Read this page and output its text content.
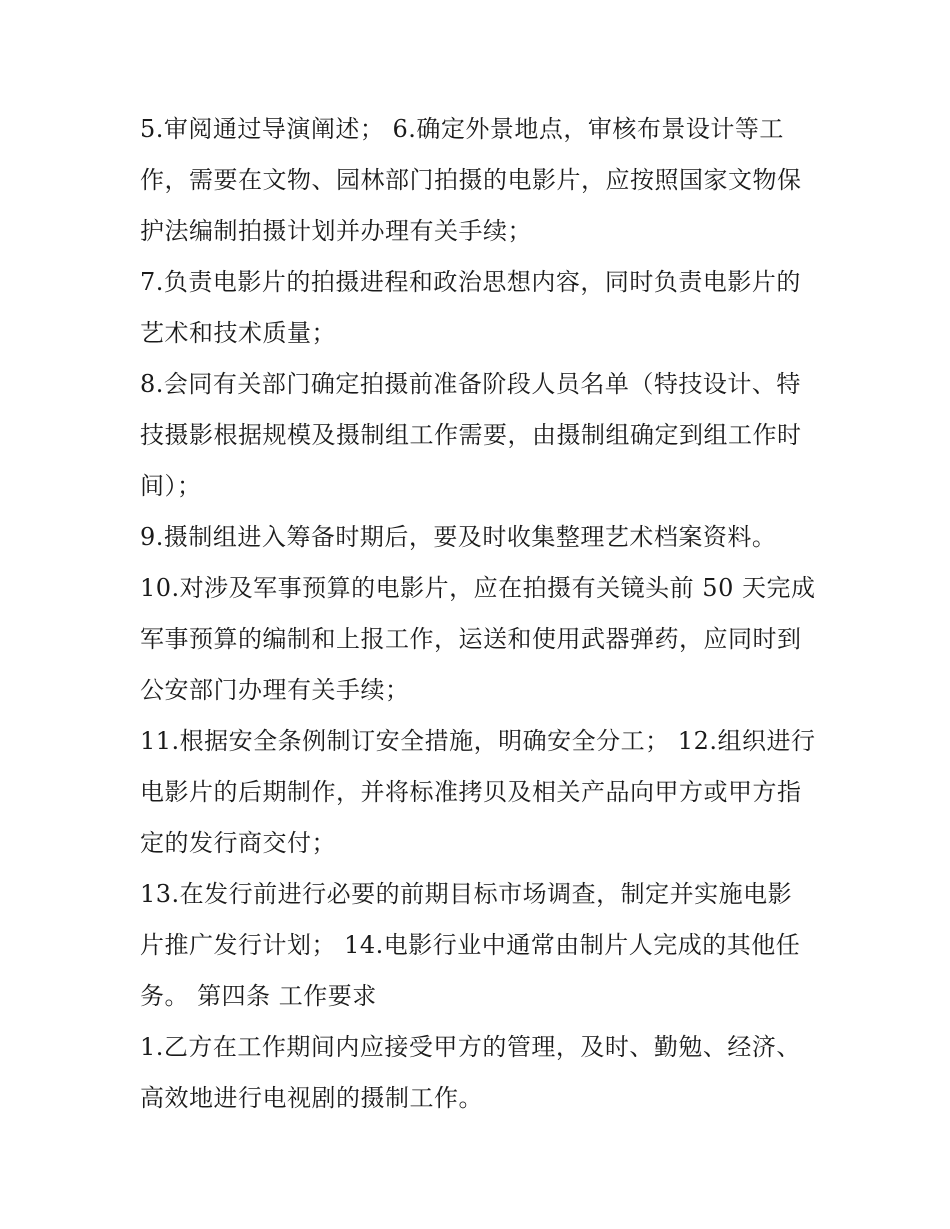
5.审阅通过导演阐述； 6.确定外景地点，审核布景设计等工
作，需要在文物、园林部门拍摄的电影片，应按照国家文物保
护法编制拍摄计划并办理有关手续；
7.负责电影片的拍摄进程和政治思想内容，同时负责电影片的
艺术和技术质量；
8.会同有关部门确定拍摄前准备阶段人员名单（特技设计、特
技摄影根据规模及摄制组工作需要，由摄制组确定到组工作时
间）；
9.摄制组进入筹备时期后，要及时收集整理艺术档案资料。
10.对涉及军事预算的电影片，应在拍摄有关镜头前 50 天完成
军事预算的编制和上报工作，运送和使用武器弹药，应同时到
公安部门办理有关手续；
11.根据安全条例制订安全措施，明确安全分工； 12.组织进行
电影片的后期制作，并将标准拷贝及相关产品向甲方或甲方指
定的发行商交付；
13.在发行前进行必要的前期目标市场调查，制定并实施电影
片推广发行计划； 14.电影行业中通常由制片人完成的其他任
务。 第四条 工作要求
1.乙方在工作期间内应接受甲方的管理，及时、勤勉、经济、
高效地进行电视剧的摄制工作。
